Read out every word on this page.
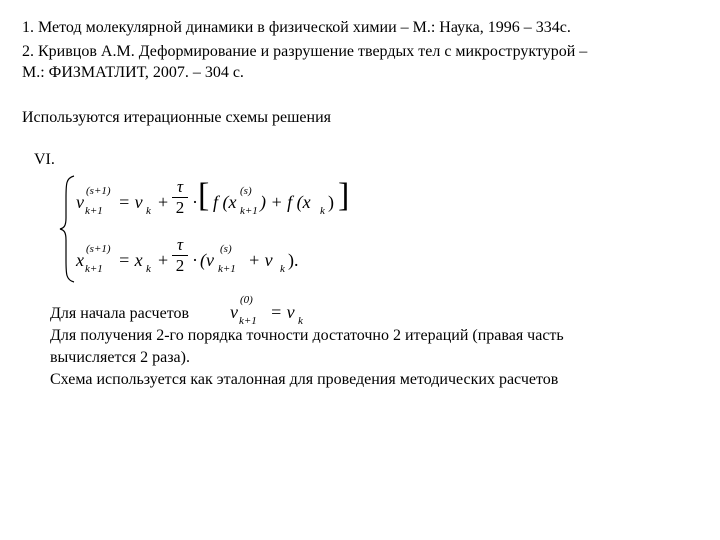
1. Метод молекулярной динамики в физической химии – М.: Наука, 1996 – 334с.
2. Кривцов А.М. Деформирование и разрушение твердых тел с микроструктурой –
М.: ФИЗМАТЛИТ, 2007. – 304 с.
Используются итерационные схемы решения
VI.
v
(s+1)
k+1 = v k +
τ
2 · [ f (x
(s)
k+1 ) + f (x k ) ]
x
(s+1)
k+1 = x k +
τ
2 · (v
(s)
k+1 + v k ).
Для начала расчетов v
(0)
k+1 = v k
Для получения 2-го порядка точности достаточно 2 итераций (правая часть
вычисляется 2 раза).
Схема используется как эталонная для проведения методических расчетов
